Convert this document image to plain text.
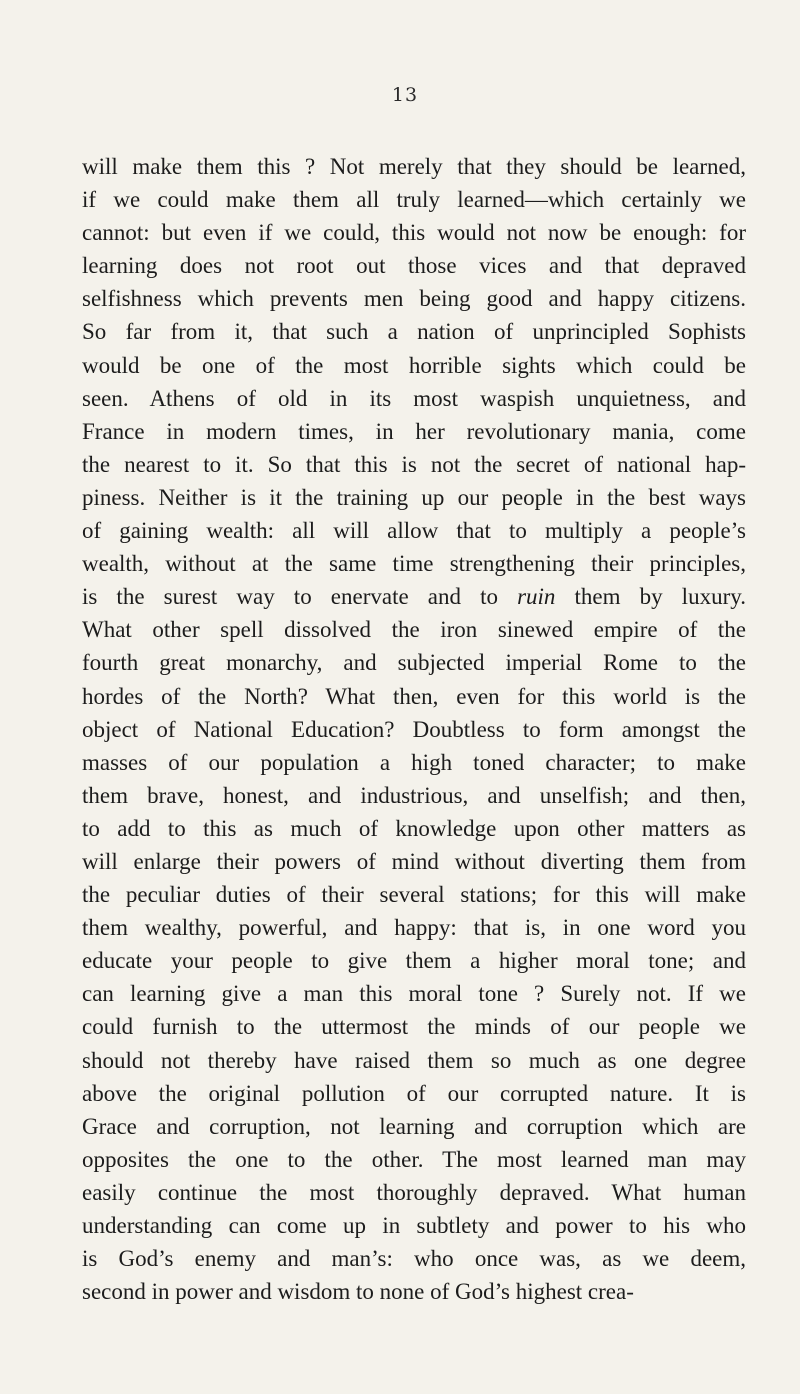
13
will make them this ? Not merely that they should be learned,
if we could make them all truly learned—which certainly we
cannot: but even if we could, this would not now be enough: for
learning does not root out those vices and that depraved
selfishness which prevents men being good and happy citizens.
So far from it, that such a nation of unprincipled Sophists
would be one of the most horrible sights which could be
seen. Athens of old in its most waspish unquietness, and
France in modern times, in her revolutionary mania, come
the nearest to it. So that this is not the secret of national hap-
piness. Neither is it the training up our people in the best ways
of gaining wealth: all will allow that to multiply a people’s
wealth, without at the same time strengthening their principles,
is the surest way to enervate and to ruin them by luxury.
What other spell dissolved the iron sinewed empire of the
fourth great monarchy, and subjected imperial Rome to the
hordes of the North? What then, even for this world is the
object of National Education? Doubtless to form amongst the
masses of our population a high toned character; to make
them brave, honest, and industrious, and unselfish; and then,
to add to this as much of knowledge upon other matters as
will enlarge their powers of mind without diverting them from
the peculiar duties of their several stations; for this will make
them wealthy, powerful, and happy: that is, in one word you
educate your people to give them a higher moral tone; and
can learning give a man this moral tone ? Surely not. If we
could furnish to the uttermost the minds of our people we
should not thereby have raised them so much as one degree
above the original pollution of our corrupted nature. It is
Grace and corruption, not learning and corruption which are
opposites the one to the other. The most learned man may
easily continue the most thoroughly depraved. What human
understanding can come up in subtlety and power to his who
is God’s enemy and man’s: who once was, as we deem,
second in power and wisdom to none of God’s highest crea-
